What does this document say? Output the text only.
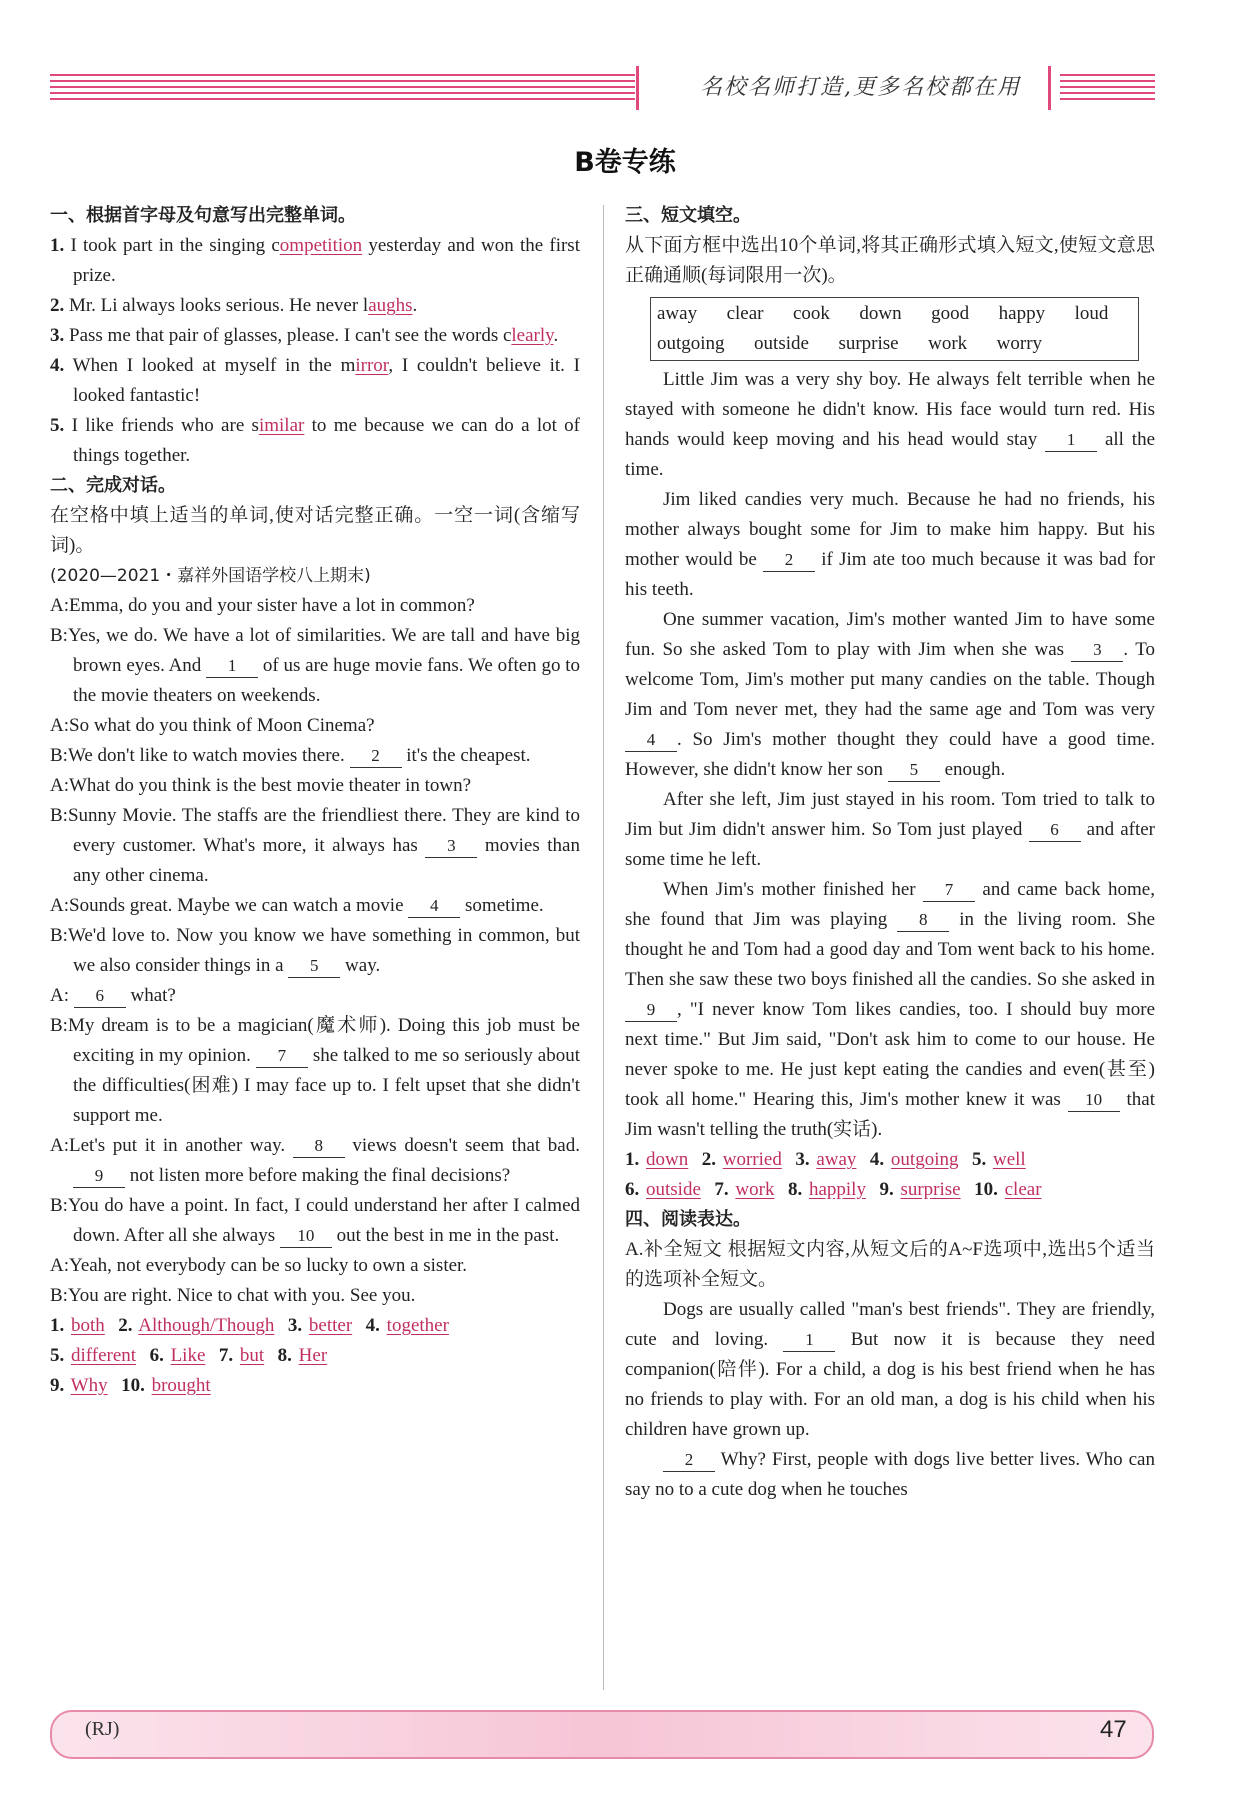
名校名师打造,更多名校都在用
B卷专练
一、根据首字母及句意写出完整单词。
1. I took part in the singing competition yesterday and won the first prize.
2. Mr. Li always looks serious. He never laughs.
3. Pass me that pair of glasses, please. I can't see the words clearly.
4. When I looked at myself in the mirror, I couldn't believe it. I looked fantastic!
5. I like friends who are similar to me because we can do a lot of things together.
二、完成对话。
在空格中填上适当的单词,使对话完整正确。一空一词(含缩写词)。
(2020—2021・嘉祥外国语学校八上期末)
A:Emma, do you and your sister have a lot in common?
B:Yes, we do. We have a lot of similarities. We are tall and have big brown eyes. And 1 of us are huge movie fans. We often go to the movie theaters on weekends.
A:So what do you think of Moon Cinema?
B:We don't like to watch movies there. 2 it's the cheapest.
A:What do you think is the best movie theater in town?
B:Sunny Movie. The staffs are the friendliest there. They are kind to every customer. What's more, it always has 3 movies than any other cinema.
A:Sounds great. Maybe we can watch a movie 4 sometime.
B:We'd love to. Now you know we have something in common, but we also consider things in a 5 way.
A: 6 what?
B:My dream is to be a magician(魔术师). Doing this job must be exciting in my opinion. 7 she talked to me so seriously about the difficulties(困难) I may face up to. I felt upset that she didn't support me.
A:Let's put it in another way. 8 views doesn't seem that bad. 9 not listen more before making the final decisions?
B:You do have a point. In fact, I could understand her after I calmed down. After all she always 10 out the best in me in the past.
A:Yeah, not everybody can be so lucky to own a sister.
B:You are right. Nice to chat with you. See you.
1. both 2. Although/Though 3. better 4. together
5. different 6. Like 7. but 8. Her
9. Why 10. brought
三、短文填空。
从下面方框中选出10个单词,将其正确形式填入短文,使短文意思正确通顺(每词限用一次)。
away  clear  cook  down  good  happy  loud
outgoing  outside  surprise  work  worry
Little Jim was a very shy boy. He always felt terrible when he stayed with someone he didn't know. His face would turn red. His hands would keep moving and his head would stay 1 all the time.
Jim liked candies very much. Because he had no friends, his mother always bought some for Jim to make him happy. But his mother would be 2 if Jim ate too much because it was bad for his teeth.
One summer vacation, Jim's mother wanted Jim to have some fun. So she asked Tom to play with Jim when she was 3 . To welcome Tom, Jim's mother put many candies on the table. Though Jim and Tom never met, they had the same age and Tom was very 4 . So Jim's mother thought they could have a good time. However, she didn't know her son 5 enough.
After she left, Jim just stayed in his room. Tom tried to talk to Jim but Jim didn't answer him. So Tom just played 6 and after some time he left.
When Jim's mother finished her 7 and came back home, she found that Jim was playing 8 in the living room. She thought he and Tom had a good day and Tom went back to his home. Then she saw these two boys finished all the candies. So she asked in 9 , "I never know Tom likes candies, too. I should buy more next time." But Jim said, "Don't ask him to come to our house. He never spoke to me. He just kept eating the candies and even(甚至) took all home." Hearing this, Jim's mother knew it was 10 that Jim wasn't telling the truth(实话).
1. down 2. worried 3. away 4. outgoing 5. well
6. outside 7. work 8. happily 9. surprise 10. clear
四、阅读表达。
A.补全短文 根据短文内容,从短文后的A~F选项中,选出5个适当的选项补全短文。
Dogs are usually called "man's best friends". They are friendly, cute and loving. 1 But now it is because they need companion(陪伴). For a child, a dog is his best friend when he has no friends to play with. For an old man, a dog is his child when his children have grown up.
2 Why? First, people with dogs live better lives. Who can say no to a cute dog when he touches
(RJ)	47
